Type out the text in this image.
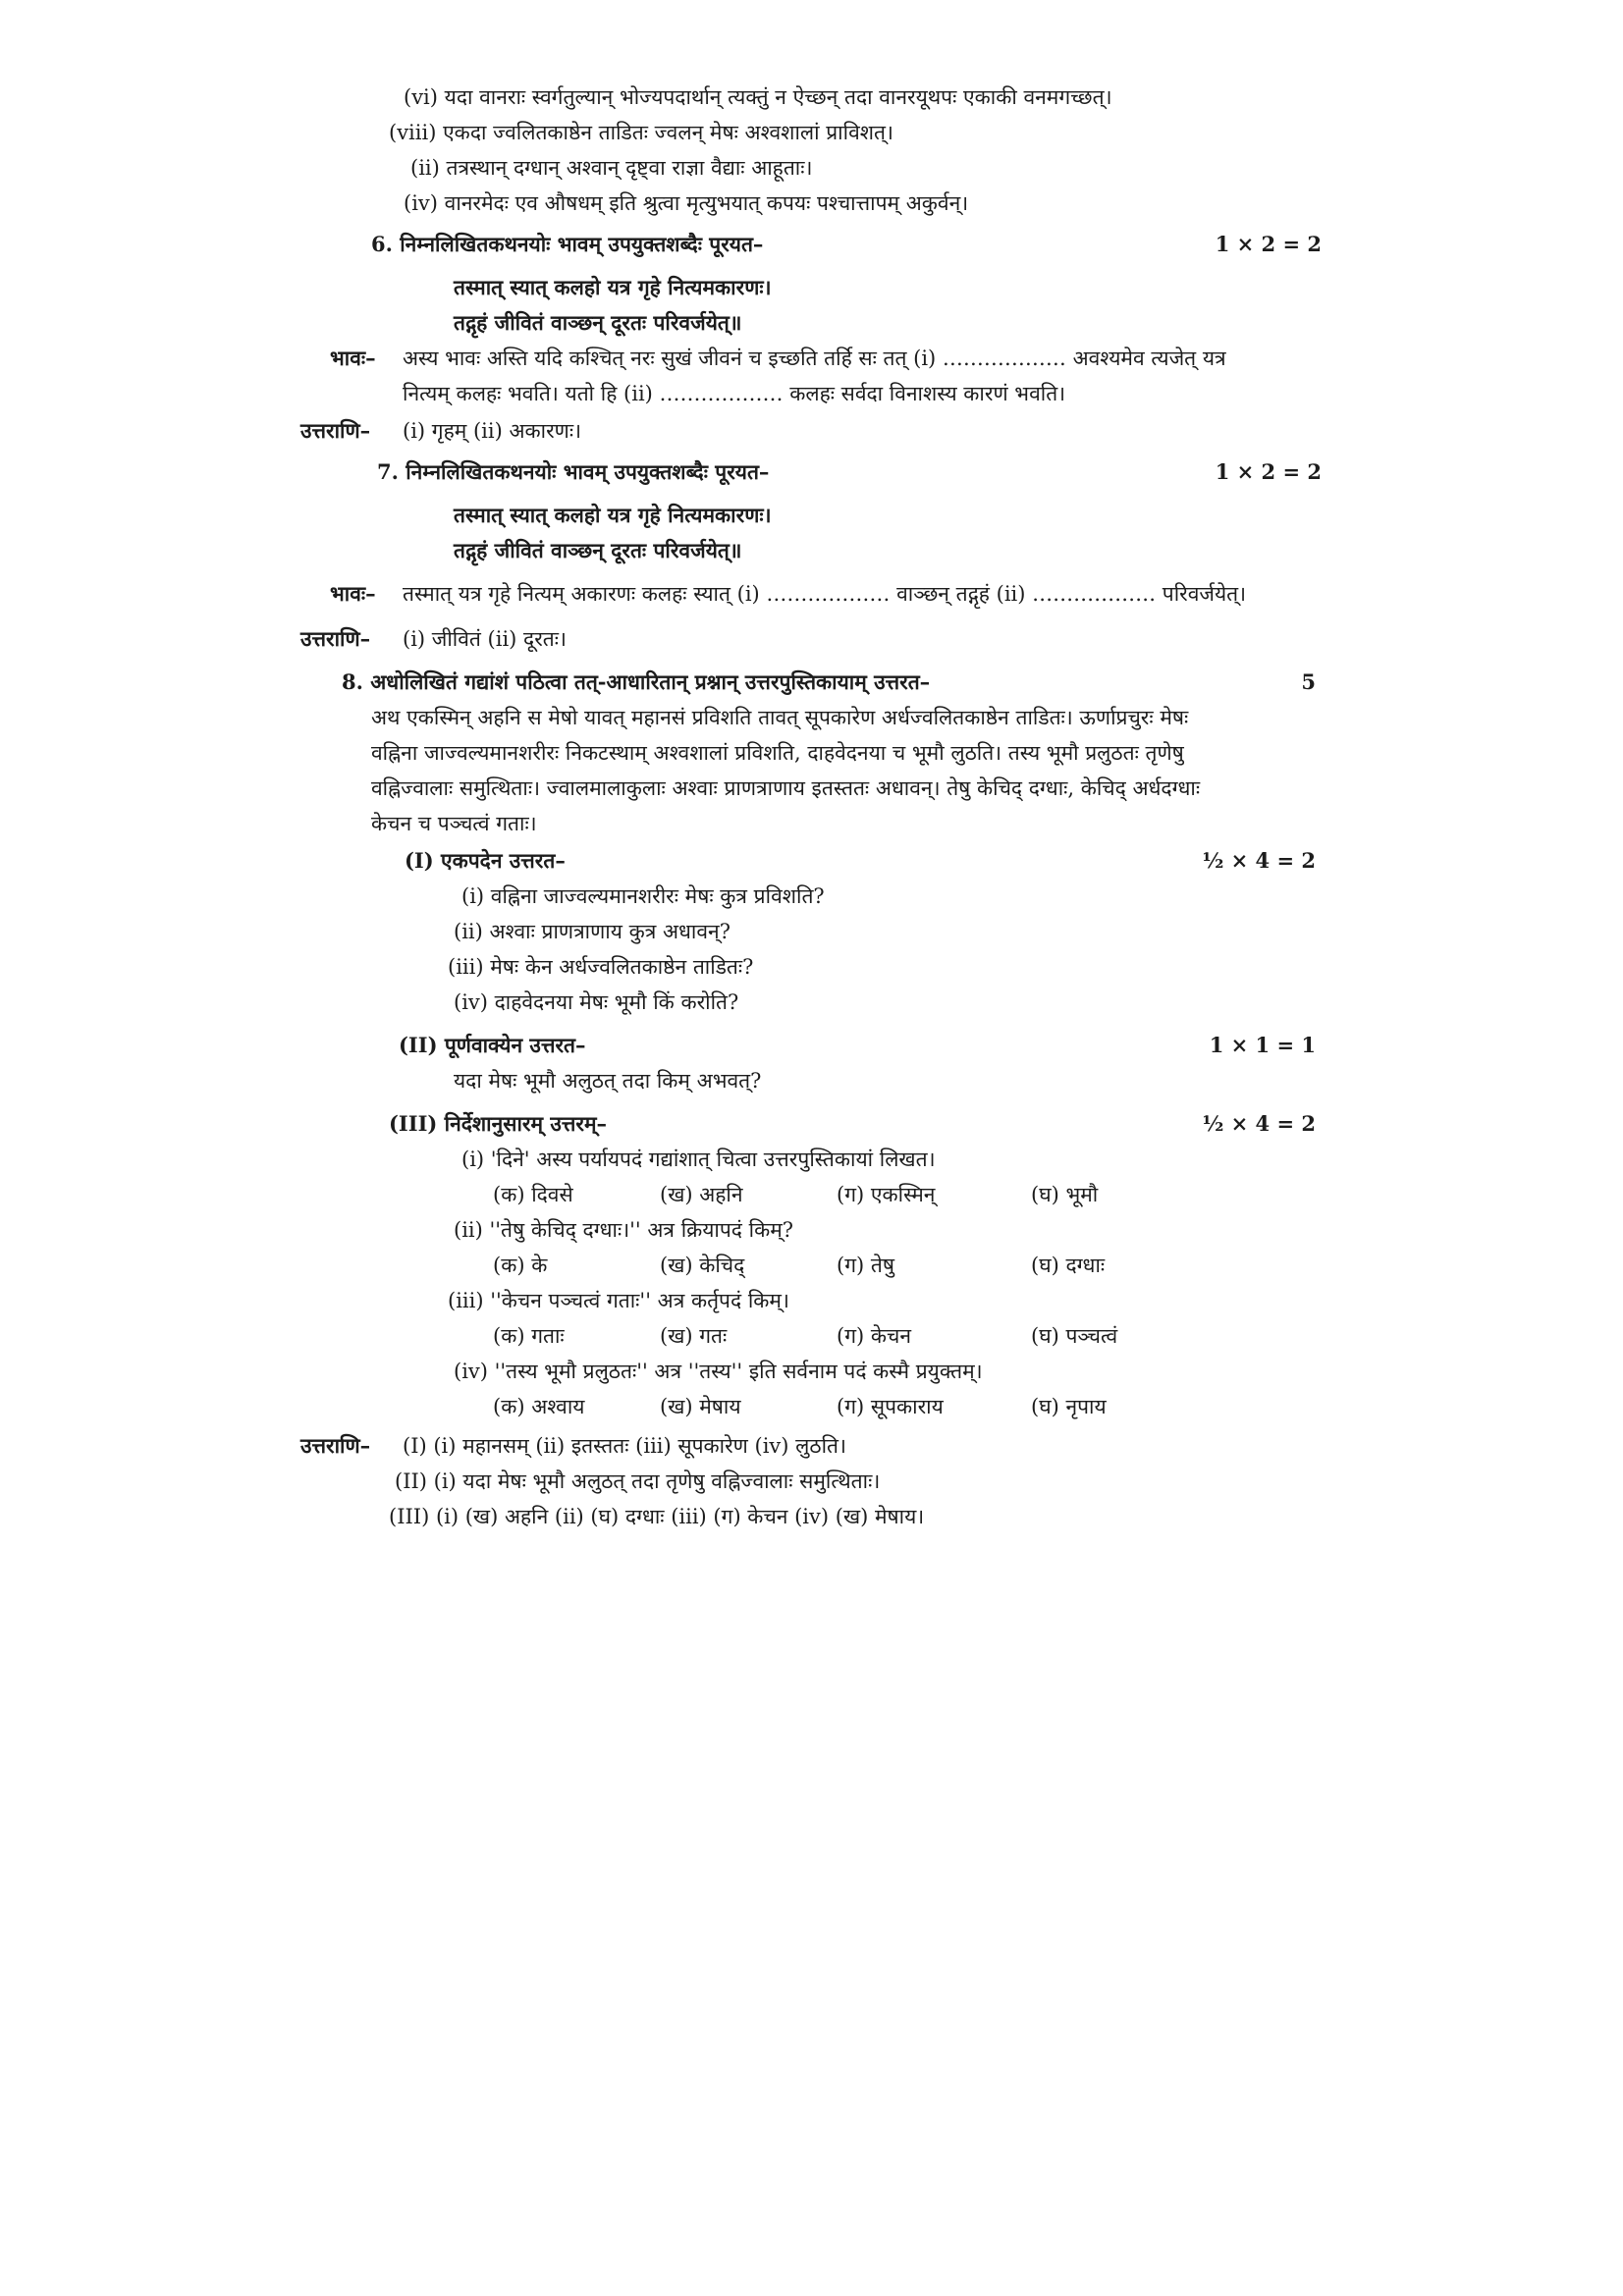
(vi) यदा वानराः स्वर्गतुल्यान् भोज्यपदार्थान् त्यक्तुं न ऐच्छन् तदा वानरयूथपः एकाकी वनमगच्छत्।
(viii) एकदा ज्वलितकाष्ठेन ताडितः ज्वलन् मेषः अश्वशालां प्राविशत्।
(ii) तत्रस्थान् दग्धान् अश्वान् दृष्ट्वा राज्ञा वैद्याः आहूताः।
(iv) वानरमेदः एव औषधम् इति श्रुत्वा मृत्युभयात् कपयः पश्चात्तापम् अकुर्वन्।
6. निम्नलिखितकथनयोः भावम् उपयुक्तशब्दैः पूरयत–	1 × 2 = 2
तस्मात् स्यात् कलहो यत्र गृहे नित्यमकारणः।
तद्गृहं जीवितं वाञ्छन् दूरतः परिवर्जयेत्॥
भावः– अस्य भावः अस्ति यदि कश्चित् नरः सुखं जीवनं च इच्छति तर्हि सः तत् (i) ……………… अवश्यमेव त्यजेत् यत्र
नित्यम् कलहः भवति। यतो हि (ii) ……………… कलहः सर्वदा विनाशस्य कारणं भवति।
उत्तराणि– (i) गृहम् (ii) अकारणः।
7. निम्नलिखितकथनयोः भावम् उपयुक्तशब्दैः पूरयत–	1 × 2 = 2
तस्मात् स्यात् कलहो यत्र गृहे नित्यमकारणः।
तद्गृहं जीवितं वाञ्छन् दूरतः परिवर्जयेत्॥
भावः– तस्मात् यत्र गृहे नित्यम् अकारणः कलहः स्यात् (i) ……………… वाञ्छन् तद्गृहं (ii) ……………… परिवर्जयेत्।
उत्तराणि– (i) जीवितं (ii) दूरतः।
8. अधोलिखितं गद्यांशं पठित्वा तत्-आधारितान् प्रश्नान् उत्तरपुस्तिकायाम् उत्तरत–	5
अथ एकस्मिन् अहनि स मेषो यावत् महानसं प्रविशति तावत् सूपकारेण अर्धज्वलितकाष्ठेन ताडितः। ऊर्णाप्रचुरः मेषः
वह्निना जाज्वल्यमानशरीरः निकटस्थाम् अश्वशालां प्रविशति, दाहवेदनया च भूमौ लुठति। तस्य भूमौ प्रलुठतः तृणेषु
वह्निज्वालाः समुत्थिताः। ज्वालमालाकुलाः अश्वाः प्राणत्राणाय इतस्ततः अधावन्। तेषु केचिद् दग्धाः, केचिद् अर्धदग्धाः
केचन च पञ्चत्वं गताः।
(I) एकपदेन उत्तरत–	½ × 4 = 2
(i) वह्निना जाज्वल्यमानशरीरः मेषः कुत्र प्रविशति?
(ii) अश्वाः प्राणत्राणाय कुत्र अधावन्?
(iii) मेषः केन अर्धज्वलितकाष्ठेन ताडितः?
(iv) दाहवेदनया मेषः भूमौ किं करोति?
(II) पूर्णवाक्येन उत्तरत–	1 × 1 = 1
यदा मेषः भूमौ अलुठत् तदा किम् अभवत्?
(III) निर्देशानुसारम् उत्तरम्–	½ × 4 = 2
(i) 'दिने' अस्य पर्यायपदं गद्यांशात् चित्वा उत्तरपुस्तिकायां लिखत।
(क) दिवसे	(ख) अहनि	(ग) एकस्मिन्	(घ) भूमौ
(ii) ''तेषु केचिद् दग्धाः।'' अत्र क्रियापदं किम्?
(क) के	(ख) केचिद्	(ग) तेषु	(घ) दग्धाः
(iii) ''केचन पञ्चत्वं गताः'' अत्र कर्तृपदं किम्।
(क) गताः	(ख) गतः	(ग) केचन	(घ) पञ्चत्वं
(iv) ''तस्य भूमौ प्रलुठतः'' अत्र ''तस्य'' इति सर्वनाम पदं कस्मै प्रयुक्तम्।
(क) अश्वाय	(ख) मेषाय	(ग) सूपकाराय	(घ) नृपाय
उत्तराणि– (I) (i) महानसम् (ii) इतस्ततः (iii) सूपकारेण (iv) लुठति।
(II) (i) यदा मेषः भूमौ अलुठत् तदा तृणेषु वह्निज्वालाः समुत्थिताः।
(III) (i) (ख) अहनि (ii) (घ) दग्धाः (iii) (ग) केचन (iv) (ख) मेषाय।
